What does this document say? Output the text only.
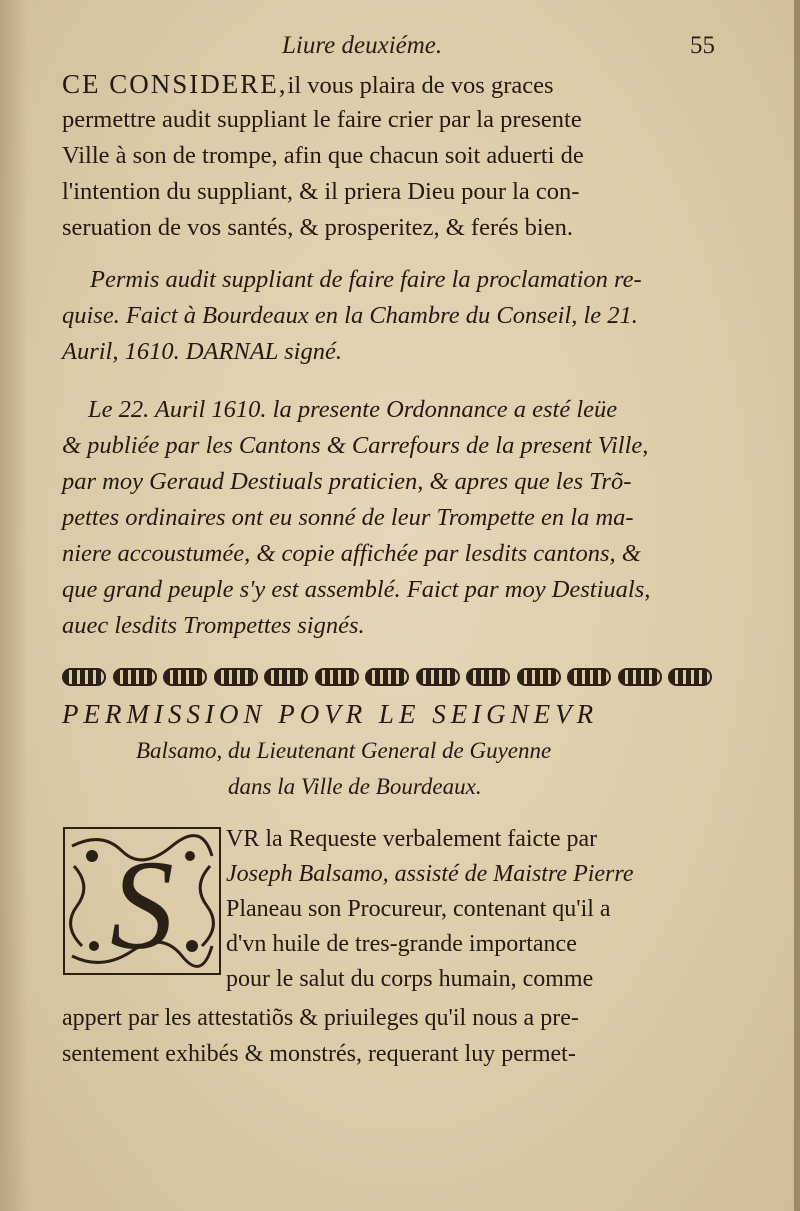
Liure deuxiéme.	55
CE CONSIDERE,il vous plaira de vos graces
permettre audit suppliant le faire crier par la presente
Ville à son de trompe, afin que chacun soit aduerti de
l'intention du suppliant, & il priera Dieu pour la con-
seruation de vos santés, & prosperitez, & ferés bien.
Permis audit suppliant de faire faire la proclamation re-
quise. Faict à Bourdeaux en la Chambre du Conseil, le 21.
Auril, 1610. DARNAL signé.
Le 22. Auril 1610. la presente Ordonnance a esté leüe
& publiée par les Cantons & Carrefours de la present Ville,
par moy Geraud Destiuals praticien, & apres que les Trõ-
pettes ordinaires ont eu sonné de leur Trompette en la ma-
niere accoustumée, & copie affichée par lesdits cantons, &
que grand peuple s'y est assemblé. Faict par moy Destiuals,
auec lesdits Trompettes signés.
PERMISSION POVR LE SEIGNEVR
Balsamo, du Lieutenant General de Guyenne
dans la Ville de Bourdeaux.
S VR la Requeste verbalement faicte par
Joseph Balsamo, assisté de Maistre Pierre
Planeau son Procureur, contenant qu'il a
d'vn huile de tres-grande importance
pour le salut du corps humain, comme
appert par les attestatiõs & priuileges qu'il nous a pre-
sentement exhibés & monstrés, requerant luy permet-
